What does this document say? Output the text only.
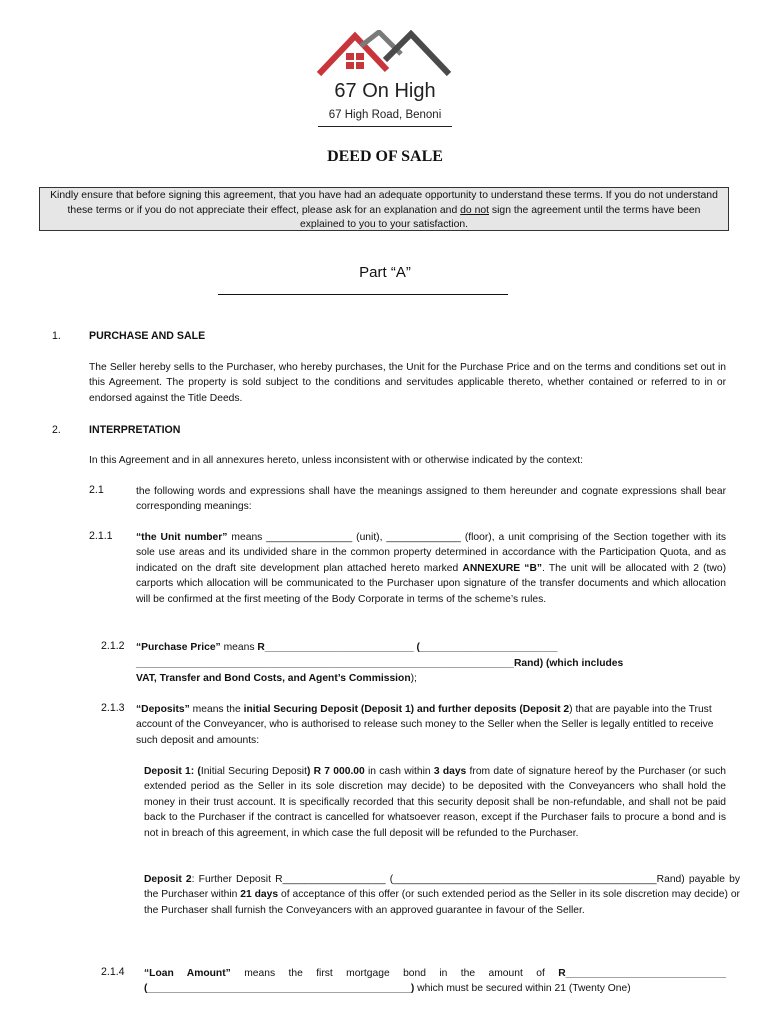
67 On High
67 High Road, Benoni
DEED OF SALE
Kindly ensure that before signing this agreement, that you have had an adequate opportunity to understand these terms. If you do not understand these terms or if you do not appreciate their effect, please ask for an explanation and do not sign the agreement until the terms have been explained to you to your satisfaction.
Part “A”
1.	PURCHASE AND SALE
The Seller hereby sells to the Purchaser, who hereby purchases, the Unit for the Purchase Price and on the terms and conditions set out in this Agreement. The property is sold subject to the conditions and servitudes applicable thereto, whether contained or referred to in or endorsed against the Title Deeds.
2.	INTERPRETATION
In this Agreement and in all annexures hereto, unless inconsistent with or otherwise indicated by the context:
2.1	the following words and expressions shall have the meanings assigned to them hereunder and cognate expressions shall bear corresponding meanings:
2.1.1 “the Unit number” means _______________ (unit), _____________ (floor), a unit comprising of the Section together with its sole use areas and its undivided share in the common property determined in accordance with the Participation Quota, and as indicated on the draft site development plan attached hereto marked ANNEXURE “B”. The unit will be allocated with 2 (two) carports which allocation will be communicated to the Purchaser upon signature of the transfer documents and which allocation will be confirmed at the first meeting of the Body Corporate in terms of the scheme’s rules.
2.1.2 “Purchase Price” means R__________________________ (________________________
__________________________________________________________________Rand) (which includes
VAT, Transfer and Bond Costs, and Agent’s Commission);
2.1.3 “Deposits” means the initial Securing Deposit (Deposit 1) and further deposits (Deposit 2) that are payable into the Trust account of the Conveyancer, who is authorised to release such money to the Seller when the Seller is legally entitled to receive such deposit and amounts:
Deposit 1: (Initial Securing Deposit) R 7 000.00 in cash within 3 days from date of signature hereof by the Purchaser (or such extended period as the Seller in its sole discretion may decide) to be deposited with the Conveyancers who shall hold the money in their trust account. It is specifically recorded that this security deposit shall be non-refundable, and shall not be paid back to the Purchaser if the contract is cancelled for whatsoever reason, except if the Purchaser fails to procure a bond and is not in breach of this agreement, in which case the full deposit will be refunded to the Purchaser.
Deposit 2: Further Deposit R__________________ (______________________________________________Rand) payable by the Purchaser within 21 days of acceptance of this offer (or such extended period as the Seller in its sole discretion may decide) or the Purchaser shall furnish the Conveyancers with an approved guarantee in favour of the Seller.
2.1.4 “Loan Amount” means the first mortgage bond in the amount of R____________________________ (______________________________________________) which must be secured within 21 (Twenty One)
